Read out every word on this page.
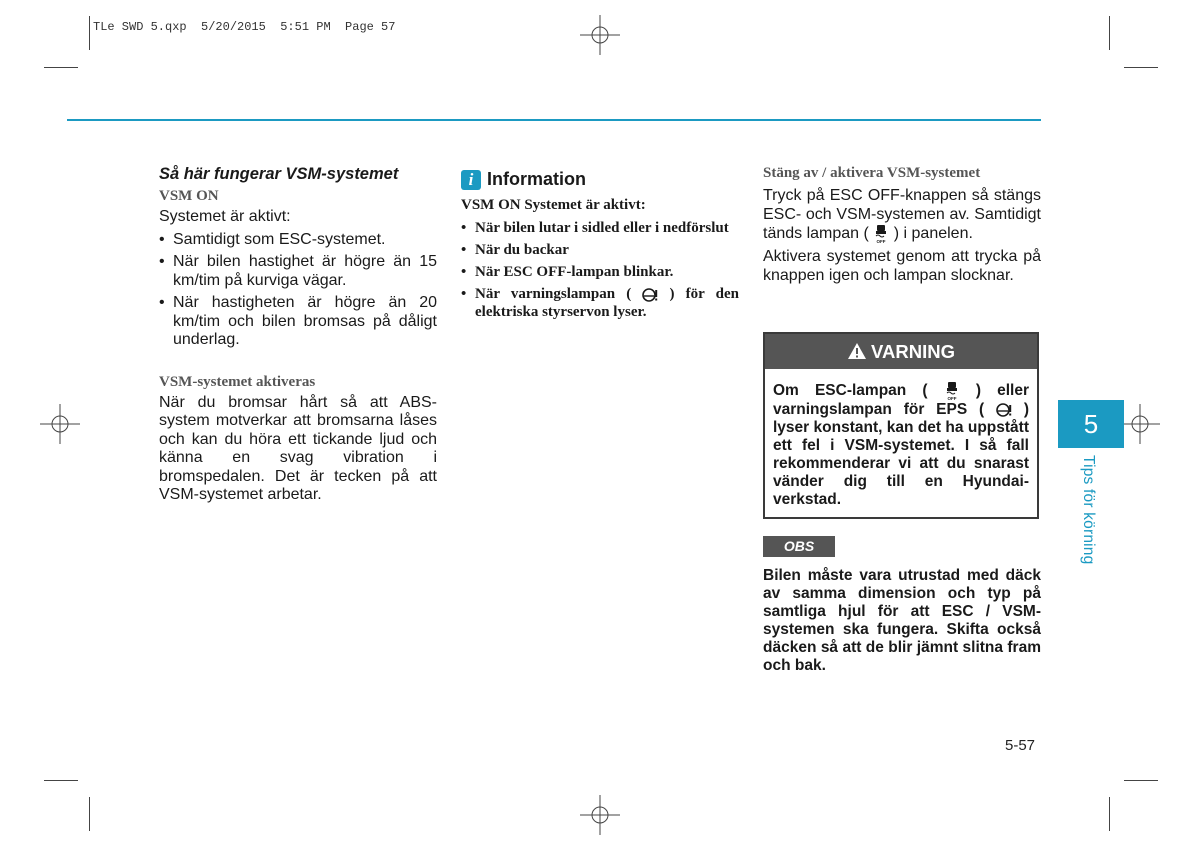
TLe SWD 5.qxp  5/20/2015  5:51 PM  Page 57

Så här fungerar VSM-systemet

VSM ON

Systemet är aktivt:

• Samtidigt som ESC-systemet.
• När bilen hastighet är högre än 15 km/tim på kurviga vägar.
• När hastigheten är högre än 20 km/tim och bilen bromsas på dåligt underlag.

VSM-systemet aktiveras

När du bromsar hårt så att ABS-system motverkar att bromsarna låses och kan du höra ett tickande ljud och känna en svag vibration i bromspedalen. Det är tecken på att VSM-systemet arbetar.

i Information

VSM ON Systemet är aktivt:

• När bilen lutar i sidled eller i nedförslut
• När du backar
• När ESC OFF-lampan blinkar.
• När varningslampan (	) för den elektriska styrservon lyser.

Stäng av / aktivera VSM-systemet

Tryck på ESC OFF-knappen så stängs ESC- och VSM-systemen av. Samtidigt tänds lampan ( OFF ) i panelen.

Aktivera systemet genom att trycka på knappen igen och lampan slocknar.

VARNING
Om ESC-lampan (	OFF ) eller varningslampan för EPS (	) lyser konstant, kan det ha uppstått ett fel i VSM-systemet. I så fall rekommenderar vi att du snarast vänder dig till en Hyundai-verkstad.
OBS

Bilen måste vara utrustad med däck av samma dimension och typ på samtliga hjul för att ESC / VSM-systemen ska fungera. Skifta också däcken så att de blir jämnt slitna fram och bak.

5
Tips för körning
5-57
